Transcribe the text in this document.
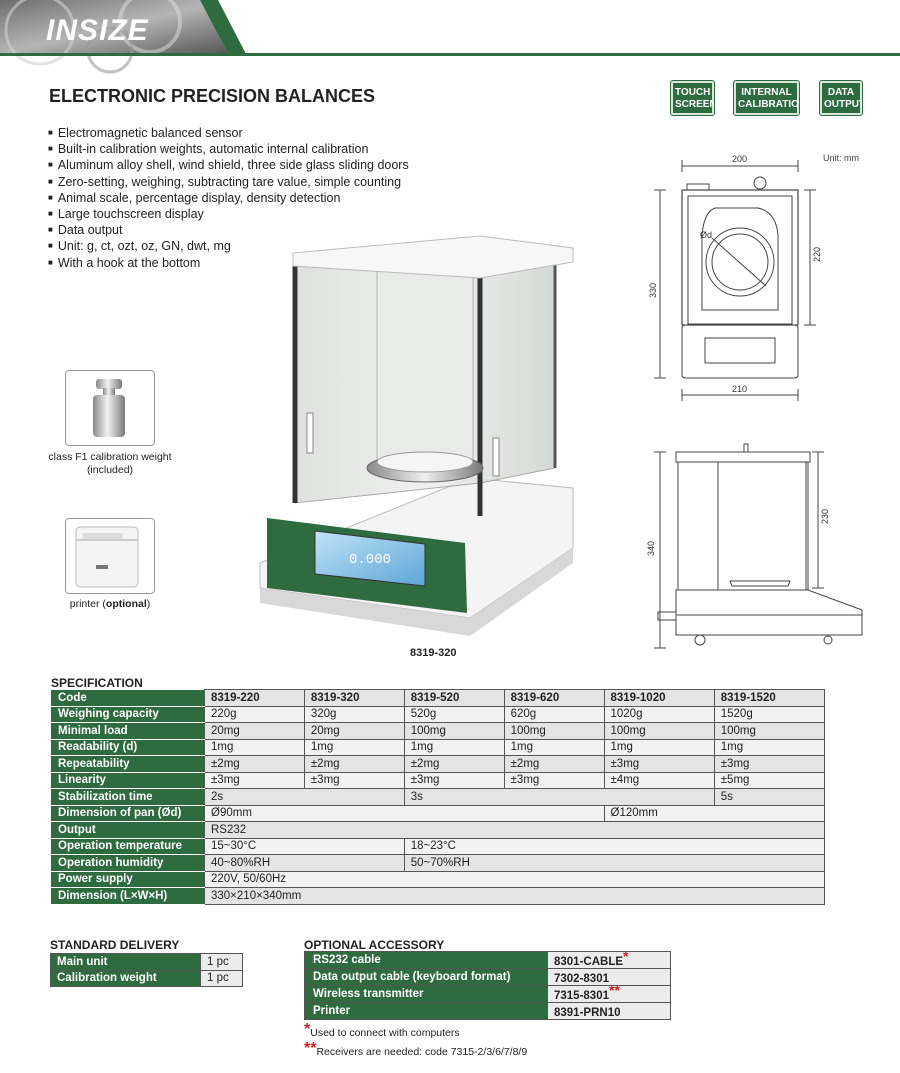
INSIZE
ELECTRONIC PRECISION BALANCES	TOUCH
SCREEN
INTERNAL
CALIBRATION
DATA
OUTPUT
■ Electromagnetic balanced sensor
■ Built-in calibration weights, automatic internal calibration
■ Aluminum alloy shell, wind shield, three side glass sliding doors
■ Zero-setting, weighing, subtracting tare value, simple counting
■ Animal scale, percentage display, density detection
■ Large touchscreen display
■ Data output
■ Unit: g, ct, ozt, oz, GN, dwt, mg
■ With a hook at the bottom
class F1 calibration weight
(included)
printer (optional)
0.000
8319-320
Unit: mm
200
330
220
Ød
210
340
230
SPECIFICATION
Code	8319-220	8319-320	8319-520	8319-620	8319-1020	8319-1520
Weighing capacity	220g	320g	520g	620g	1020g	1520g
Minimal load	20mg	20mg	100mg	100mg	100mg	100mg
Readability (d)	1mg	1mg	1mg	1mg	1mg	1mg
Repeatability	±2mg	±2mg	±2mg	±2mg	±3mg	±3mg
Linearity	±3mg	±3mg	±3mg	±3mg	±4mg	±5mg
Stabilization time	2s		3s			5s
Dimension of pan (Ød)	Ø90mm				Ø120mm	
Output	RS232					
Operation temperature	15~30°C		18~23°C			
Operation humidity	40~80%RH		50~70%RH			
Power supply	220V, 50/60Hz					
Dimension (L×W×H)	330×210×340mm					
STANDARD DELIVERY
Main unit	1 pc
Calibration weight	1 pc
OPTIONAL ACCESSORY
RS232 cable	8301-CABLE*
Data output cable (keyboard format)	7302-8301
Wireless transmitter	7315-8301**
Printer	8391-PRN10
*Used to connect with computers
**Receivers are needed: code 7315-2/3/6/7/8/9
